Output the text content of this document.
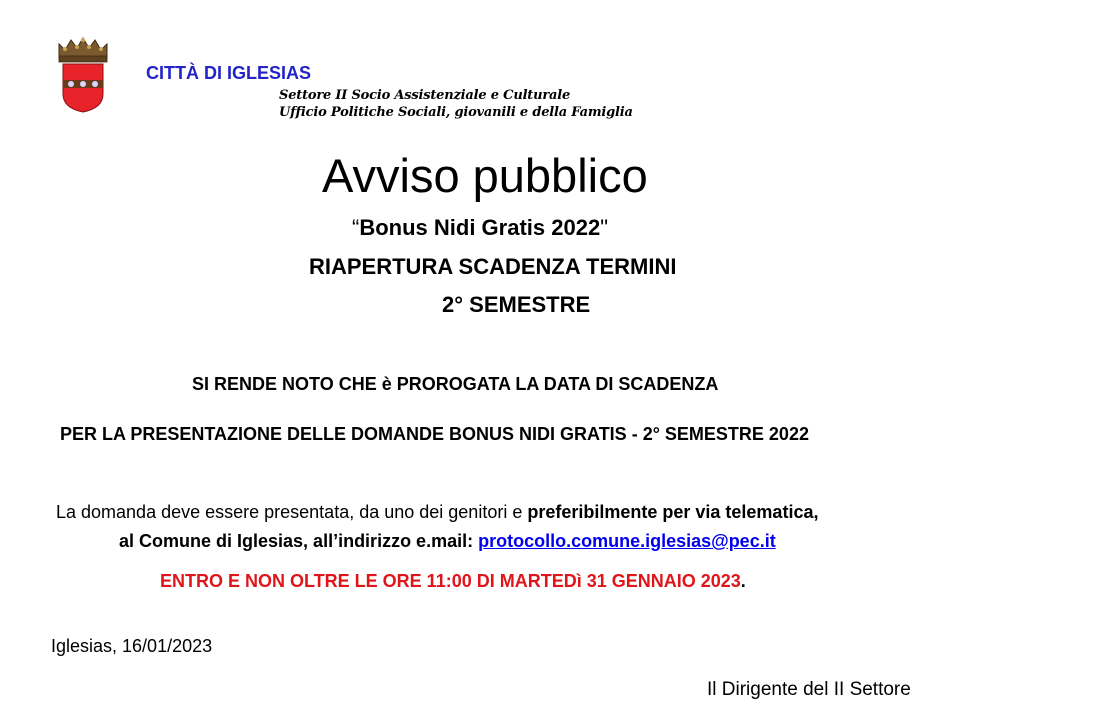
CITTÀ DI IGLESIAS
Settore II Socio Assistenziale e Culturale
Ufficio Politiche Sociali, giovanili e della Famiglia
Avviso pubblico
“Bonus Nidi Gratis 2022"
RIAPERTURA SCADENZA TERMINI
2° SEMESTRE
SI RENDE NOTO CHE è PROROGATA LA DATA DI SCADENZA
PER LA PRESENTAZIONE DELLE DOMANDE BONUS NIDI GRATIS - 2° SEMESTRE 2022
La domanda deve essere presentata, da uno dei genitori e preferibilmente per via telematica,
al Comune di Iglesias, all’indirizzo e.mail: protocollo.comune.iglesias@pec.it
ENTRO E NON OLTRE LE ORE 11:00 DI MARTEDì 31 GENNAIO 2023.
Iglesias, 16/01/2023
Il Dirigente del II Settore
